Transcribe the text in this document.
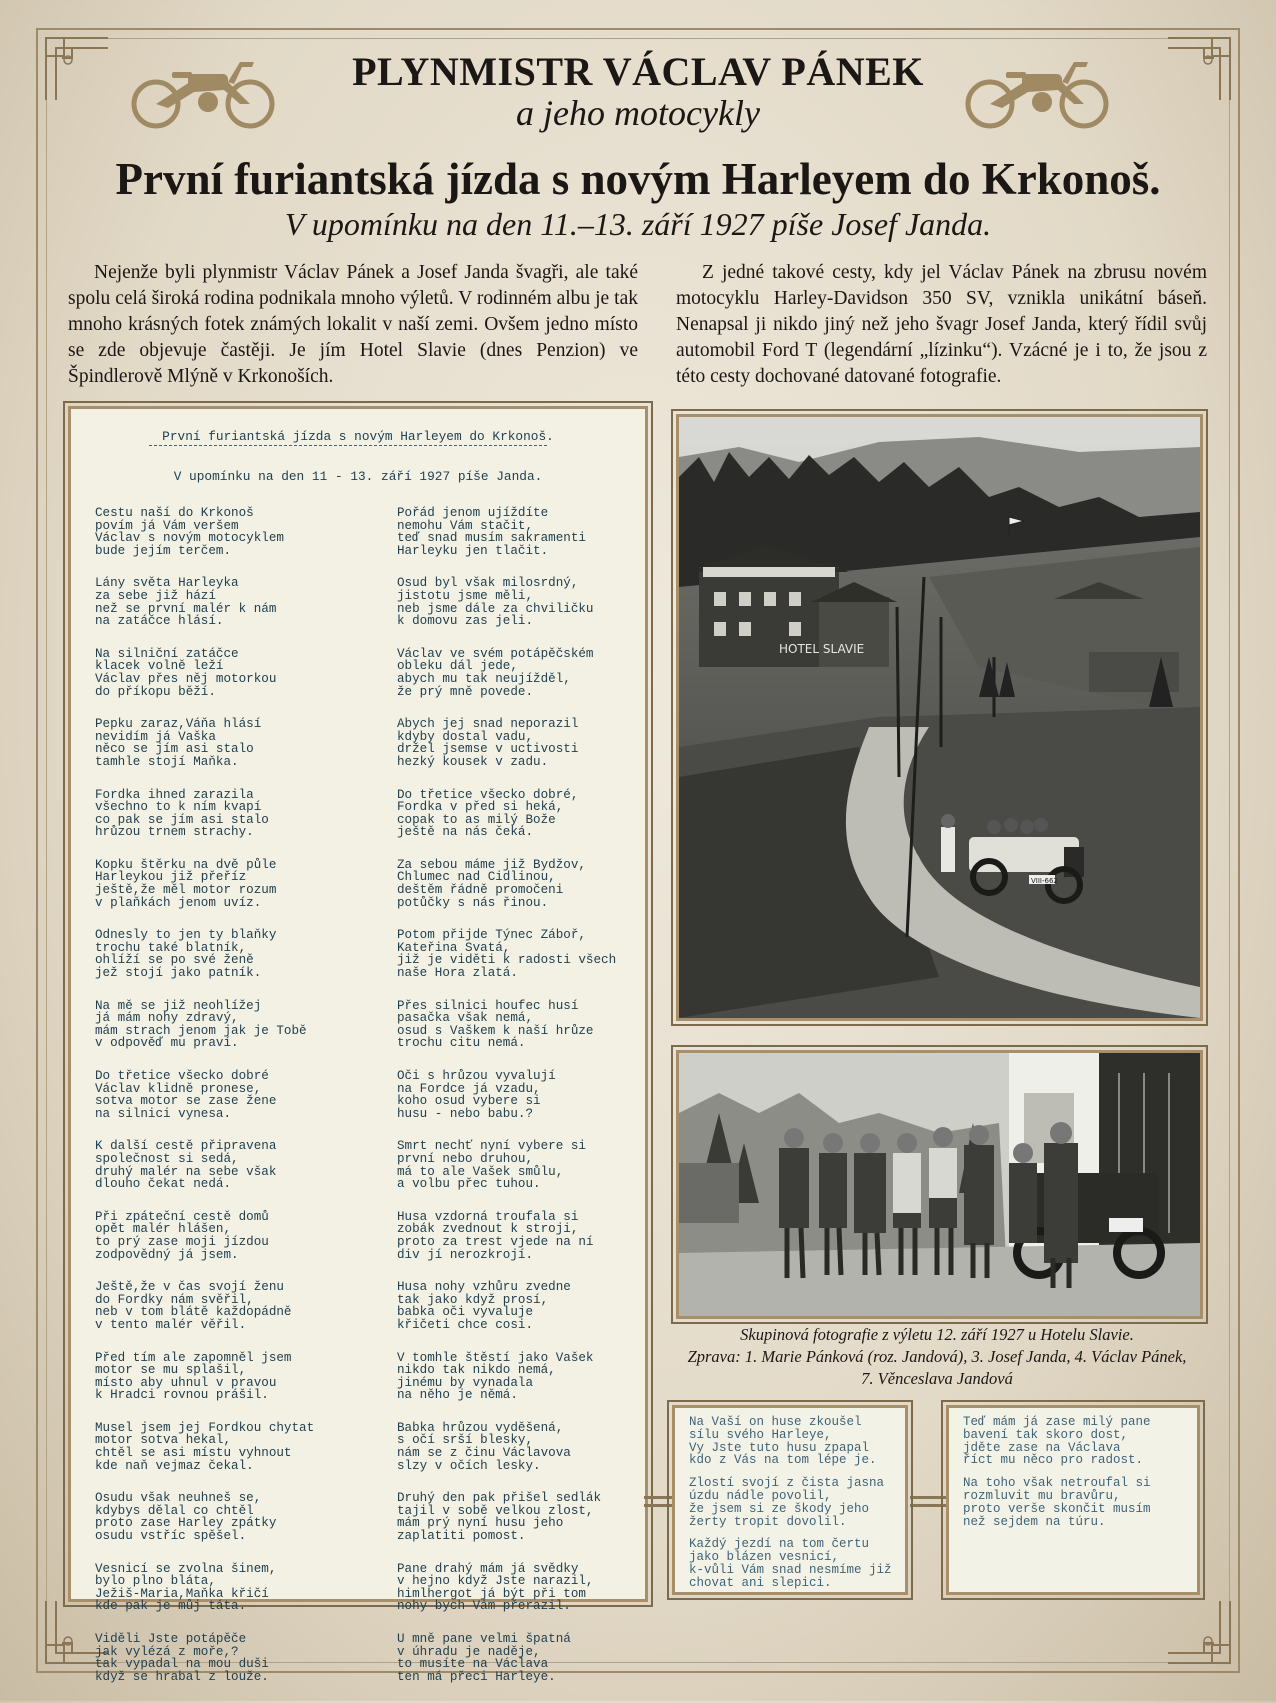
PLYNMISTR VÁCLAV PÁNEK
a jeho motocykly
První furiantská jízda s novým Harleyem do Krkonoš.
V upomínku na den 11.–13. září 1927 píše Josef Janda.
Nejenže byli plynmistr Václav Pánek a Josef Janda švagři, ale také spolu celá široká rodina podnikala mnoho výletů. V rodinném albu je tak mnoho krásných fotek známých lokalit v naší zemi. Ovšem jedno místo se zde objevuje častěji. Je jím Hotel Slavie (dnes Penzion) ve Špindlerově Mlýně v Krkonoších.
Z jedné takové cesty, kdy jel Václav Pánek na zbrusu novém motocyklu Harley-Davidson 350 SV, vznikla unikátní báseň. Nenapsal ji nikdo jiný než jeho švagr Josef Janda, který řídil svůj automobil Ford T (legendární „lízinku“). Vzácné je i to, že jsou z této cesty dochované datované fotografie.
První furiantská jízda s novým Harleyem do Krkonoš.
V upomínku na den 11 - 13. září 1927 píše Janda.
Cestu naší do Krkonoš
povím já Vám veršem
Václav s novým motocyklem
bude jejím terčem.
Lány světa Harleyka
za sebe již hází
než se první malér k nám
na zatáčce hlásí.
Na silniční zatáčce
klacek volně leží
Václav přes něj motorkou
do příkopu běží.
Pepku zaraz,Váňa hlásí
nevidím já Vaška
něco se jím asi stalo
tamhle stojí Maňka.
Fordka ihned zarazila
všechno to k ním kvapí
co pak se jím asi stalo
hrůzou trnem strachy.
Kopku štěrku na dvě půle
Harleykou již přeříz
ještě,že měl motor rozum
v plaňkách jenom uvíz.
Odnesly to jen ty blaňky
trochu také blatník,
ohlíží se po své ženě
jež stojí jako patník.
Na mě se již neohlížej
já mám nohy zdravý,
mám strach jenom jak je Tobě
v odpověď mu praví.
Do třetice všecko dobré
Václav klidně pronese,
sotva motor se zase žene
na silnici vynesa.
K další cestě připravena
společnost si sedá,
druhý malér na sebe však
dlouho čekat nedá.
Při zpáteční cestě domů
opět malér hlášen,
to prý zase moji jízdou
zodpovědný já jsem.
Ještě,že v čas svojí ženu
do Fordky nám svěřil,
neb v tom blátě každopádně
v tento malér věřil.
Před tím ale zapomněl jsem
motor se mu splašil,
místo aby uhnul v pravou
k Hradci rovnou prášil.
Musel jsem jej Fordkou chytat
motor sotva hekal,
chtěl se asi místu vyhnout
kde naň vejmaz čekal.
Osudu však neuhneš se,
kdybys dělal co chtěl
proto zase Harley zpátky
osudu vstříc spěšel.
Vesnicí se zvolna šinem,
bylo plno bláta,
Ježiš-Maria,Maňka křičí
kde pak je můj táta.
Viděli Jste potápěče
jak vylézá z moře,?
tak vypadal na mou duši
když se hrabal z louže.
Pořád jenom ujíždíte
nemohu Vám stačit,
teď snad musím sakramenti
Harleyku jen tlačit.
Osud byl však milosrdný,
jistotu jsme měli,
neb jsme dále za chviličku
k domovu zas jeli.
Václav ve svém potápěčském
obleku dál jede,
abych mu tak neujížděl,
že prý mně povede.
Abych jej snad neporazil
kdyby dostal vadu,
držel jsemse v uctivosti
hezký kousek v zadu.
Do třetice všecko dobré,
Fordka v před si heká,
copak to as milý Bože
ještě na nás čeká.
Za sebou máme již Bydžov,
Chlumec nad Cidlinou,
deštěm řádně promočeni
potůčky s nás řinou.
Potom přijde Týnec Záboř,
Kateřina Svatá,
již je viděti k radosti všech
naše Hora zlatá.
Přes silnici houfec husí
pasačka však nemá,
osud s Vaškem k naší hrůze
trochu citu nemá.
Oči s hrůzou vyvalují
na Fordce já vzadu,
koho osud vybere si
husu - nebo babu.?
Smrt nechť nyní vybere si
první nebo druhou,
má to ale Vašek smůlu,
a volbu přec tuhou.
Husa vzdorná troufala si
zobák zvednout k stroji,
proto za trest vjede na ní
div jí nerozkrojí.
Husa nohy vzhůru zvedne
tak jako když prosí,
babka oči vyvaluje
křičeti chce cosi.
V tomhle štěstí jako Vašek
nikdo tak nikdo nemá,
jinému by vynadala
na něho je němá.
Babka hrůzou vyděšená,
s očí srší blesky,
nám se z činu Václavova
slzy v očích lesky.
Druhý den pak přišel sedlák
tajil v sobě velkou zlost,
mám prý nyní husu jeho
zaplatiti pomost.
Pane drahý mám já svědky
v hejno když Jste narazil,
himlhergot já být při tom
nohy bych Vám přerazil.
U mně pane velmi špatná
v úhradu je naděje,
to musíte na Václava
ten má přeci Harleye.
HOTEL SLAVIE
VIII-662
Skupinová fotografie z výletu 12. září 1927 u Hotelu Slavie.
Zprava: 1. Marie Pánková (roz. Jandová), 3. Josef Janda, 4. Václav Pánek,
7. Věnceslava Jandová
Na Vaší on huse zkoušel
sílu svého Harleye,
Vy Jste tuto husu zpapal
kdo z Vás na tom lépe je.
Zlostí svojí z čista jasna
úzdu nádle povolil,
že jsem si ze škody jeho
žerty tropit dovolil.
Každý jezdí na tom čertu
jako blázen vesnicí,
k-vůli Vám snad nesmíme již
chovat ani slepici.
Teď mám já zase milý pane
bavení tak skoro dost,
jděte zase na Václava
říct mu něco pro radost.
Na toho však netroufal si
rozmluvit mu bravůru,
proto verše skončit musím
než sejdem na túru.
